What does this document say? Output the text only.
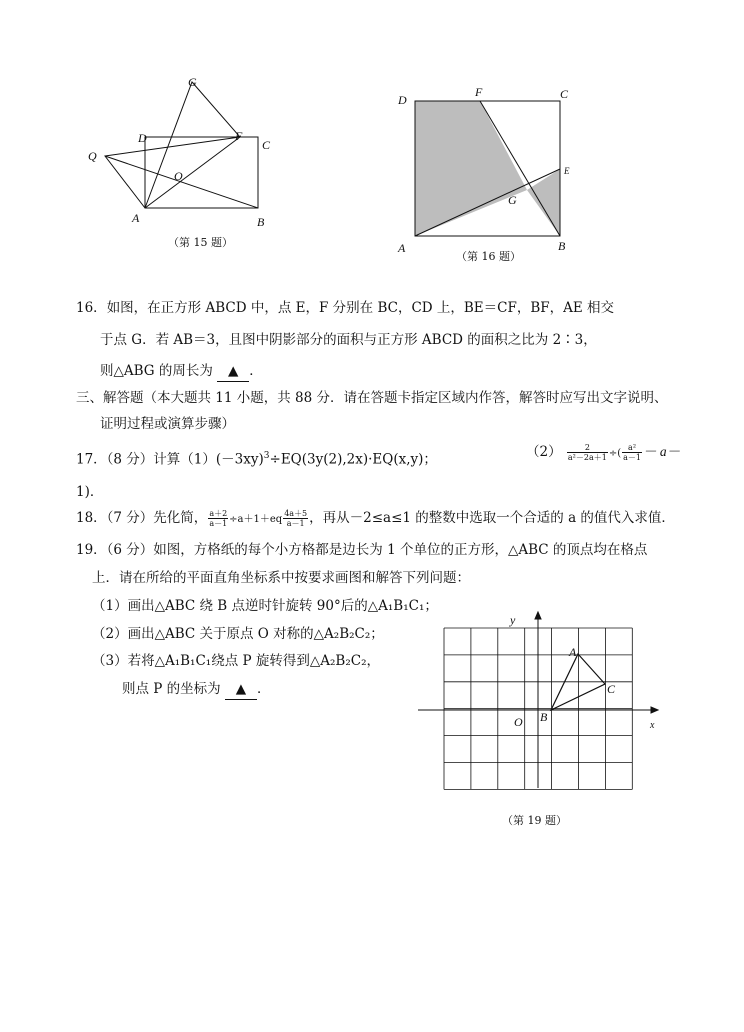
G
D	F
C
Q
O
A	B
（第 15 题）
D
F	C
E
G
A	B
（第 16 题）
16．如图，在正方形 ABCD 中，点 E，F 分别在 BC，CD 上，BE＝CF，BF，AE 相交
于点 G．若 AB＝3，且图中阴影部分的面积与正方形 ABCD 的面积之比为 2∶3，
则△ABG 的周长为 ▲ ．
三、解答题（本大题共 11 小题，共 88 分．请在答题卡指定区域内作答，解答时应写出文字说明、
证明过程或演算步骤）
17．（8 分）计算$(1)(-3xy)^3\div EQ(3y(2),2x)\cdot EQ(x,y)$；	$(2) \frac{2}{\text{a²－2a＋1}}$ ÷( $\frac{\text{a²}}{a-1} - a-$
1)．
18．（7 分）先化简， $\frac{a+2}{a-1} \div a+1+eq \frac{4a+5}{a-1}$ ，再从－2≤a≤1 的整数中选取一个合适的 a 的值代入求值．
19．（6 分）如图，方格纸的每个小方格都是边长为 1 个单位的正方形，△ABC 的顶点均在格点
上．请在所给的平面直角坐标系中按要求画图和解答下列问题：
（1）画出△ABC 绕 B 点逆时针旋转 90°后的△A₁B₁C₁；
（2）画出△ABC 关于原点 O 对称的△A₂B₂C₂；
（3）若将△A₁B₁C₁绕点 P 旋转得到△A₂B₂C₂，
则点 P 的坐标为 ▲ ．
y
A
C
O B
x
（第 19 题）
